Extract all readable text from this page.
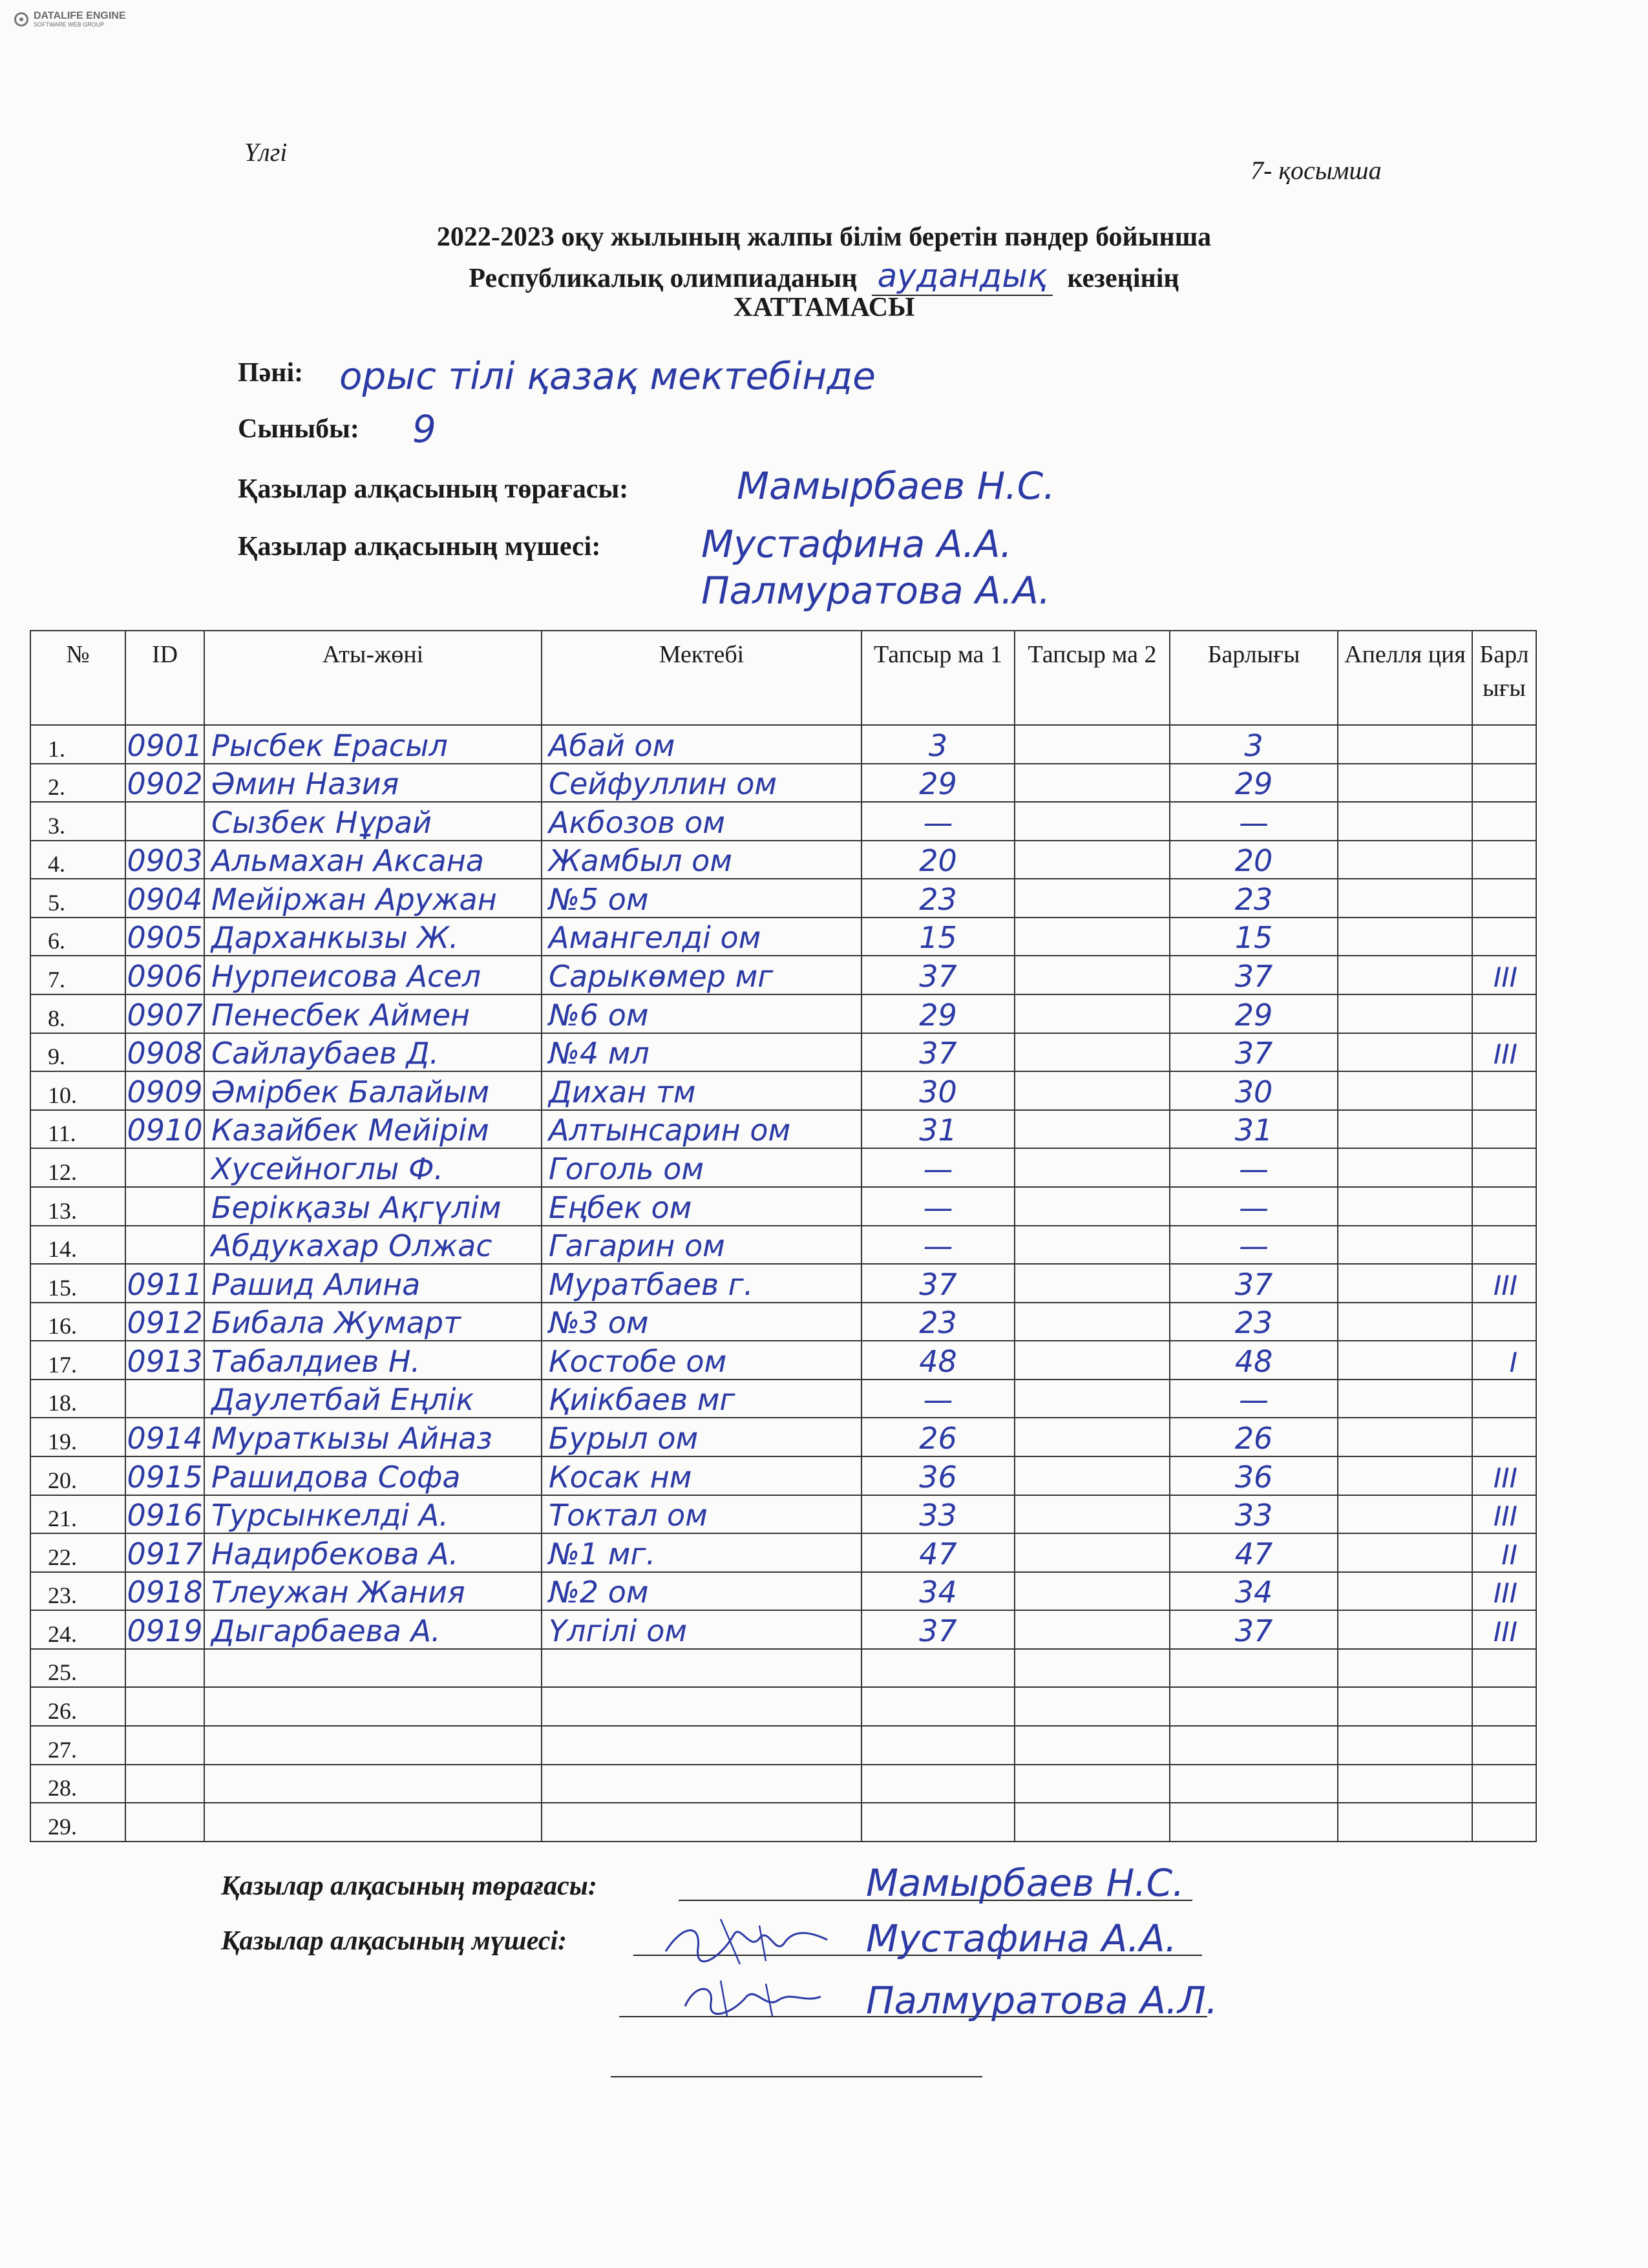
DATALIFE ENGINE
SOFTWARE WEB GROUP
Үлгі
7- қосымша
2022-2023 оқу жылының жалпы білім беретін пәндер бойынша
Республикалық олимпиаданың аудандық кезеңінің
ХАТТАМАСЫ
Пәні: орыс тілі қазақ мектебінде
Сыныбы: 9
Қазылар алқасының төрағасы:	Мамырбаев Н.С.
Қазылар алқасының мүшесі:	Мустафина А.А.
Палмуратова А.А.
№	ID	Аты-жөні	Мектебі	Тапсыр ма 1	Тапсыр ма 2	Барлығы	Апелля ция	Барл ығы
1.	0901	Рысбек Ерасыл	Абай ом	3		3		
2.	0902	Әмин Назия	Сейфуллин ом	29		29		
3.		Сызбек Нұрай	Акбозов ом	—		—		
4.	0903	Альмахан Аксана	Жамбыл ом	20		20		
5.	0904	Мейіржан Аружан	№5 ом	23		23		
6.	0905	Дарханкызы Ж.	Амангелді ом	15		15		
7.	0906	Нурпеисова Асел	Сарыкөмер мг	37		37		III
8.	0907	Пенесбек Аймен	№6 ом	29		29		
9.	0908	Сайлаубаев Д.	№4 мл	37		37		III
10.	0909	Әмірбек Балайым	Дихан тм	30		30		
11.	0910	Казайбек Мейірім	Алтынсарин ом	31		31		
12.		Хусейноглы Ф.	Гоголь ом	—		—		
13.		Берікқазы Ақгүлім	Еңбек ом	—		—		
14.		Абдукахар Олжас	Гагарин ом	—		—		
15.	0911	Рашид Алина	Муратбаев г.	37		37		III
16.	0912	Бибала Жумарт	№3 ом	23		23		
17.	0913	Табалдиев Н.	Костобе ом	48		48		I
18.		Даулетбай Еңлік	Қиікбаев мг	—		—		
19.	0914	Мураткызы Айназ	Бурыл ом	26		26		
20.	0915	Рашидова Софа	Косак нм	36		36		III
21.	0916	Турсынкелді А.	Токтал ом	33		33		III
22.	0917	Надирбекова А.	№1 мг.	47		47		II
23.	0918	Тлеужан Жания	№2 ом	34		34		III
24.	0919	Дыгарбаева А.	Үлгілі ом	37		37		III
25.								
26.								
27.								
28.								
29.								
Қазылар алқасының төрағасы:	Мамырбаев Н.С.
Қазылар алқасының мүшесі:	Мустафина А.А.
Палмуратова А.Л.
